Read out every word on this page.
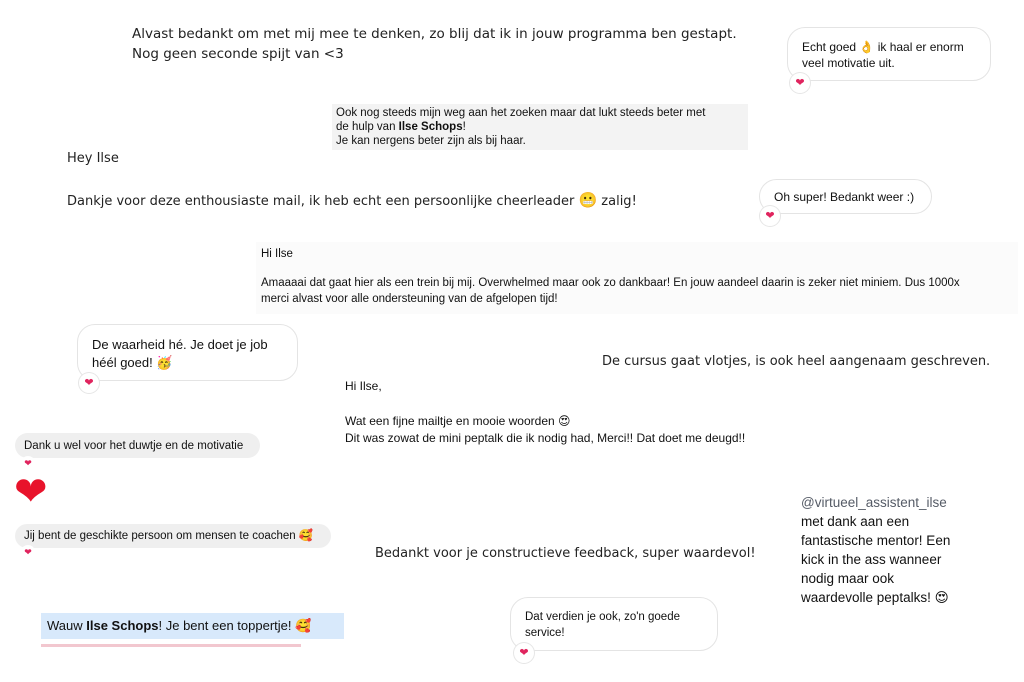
Alvast bedankt om met mij mee te denken, zo blij dat ik in jouw programma ben gestapt.
Nog geen seconde spijt van <3	Echt goed 👌 ik haal er enorm
veel motivatie uit.
❤
Ook nog steeds mijn weg aan het zoeken maar dat lukt steeds beter met
de hulp van Ilse Schops!
Je kan nergens beter zijn als bij haar.
Hey Ilse
Dankje voor deze enthousiaste mail, ik heb echt een persoonlijke cheerleader 😬 zalig!	Oh super! Bedankt weer :)
❤
Hi Ilse
Amaaaai dat gaat hier als een trein bij mij. Overwhelmed maar ook zo dankbaar! En jouw aandeel daarin is zeker niet miniem. Dus 1000x
merci alvast voor alle ondersteuning van de afgelopen tijd!
De waarheid hé. Je doet je job
héél goed! 🥳
❤
De cursus gaat vlotjes, is ook heel aangenaam geschreven.
Hi Ilse,
Wat een fijne mailtje en mooie woorden 😍
Dit was zowat de mini peptalk die ik nodig had, Merci!! Dat doet me deugd!!
Dank u wel voor het duwtje en de motivatie
❤
❤
Jij bent de geschikte persoon om mensen te coachen 🥰
❤	Bedankt voor je constructieve feedback, super waardevol!
@virtueel_assistent_ilse
met dank aan een
fantastische mentor! Een
kick in the ass wanneer
nodig maar ook
waardevolle peptalks! 😍
Wauw Ilse Schops! Je bent een toppertje! 🥰
Dat verdien je ook, zo'n goede
service!
❤
